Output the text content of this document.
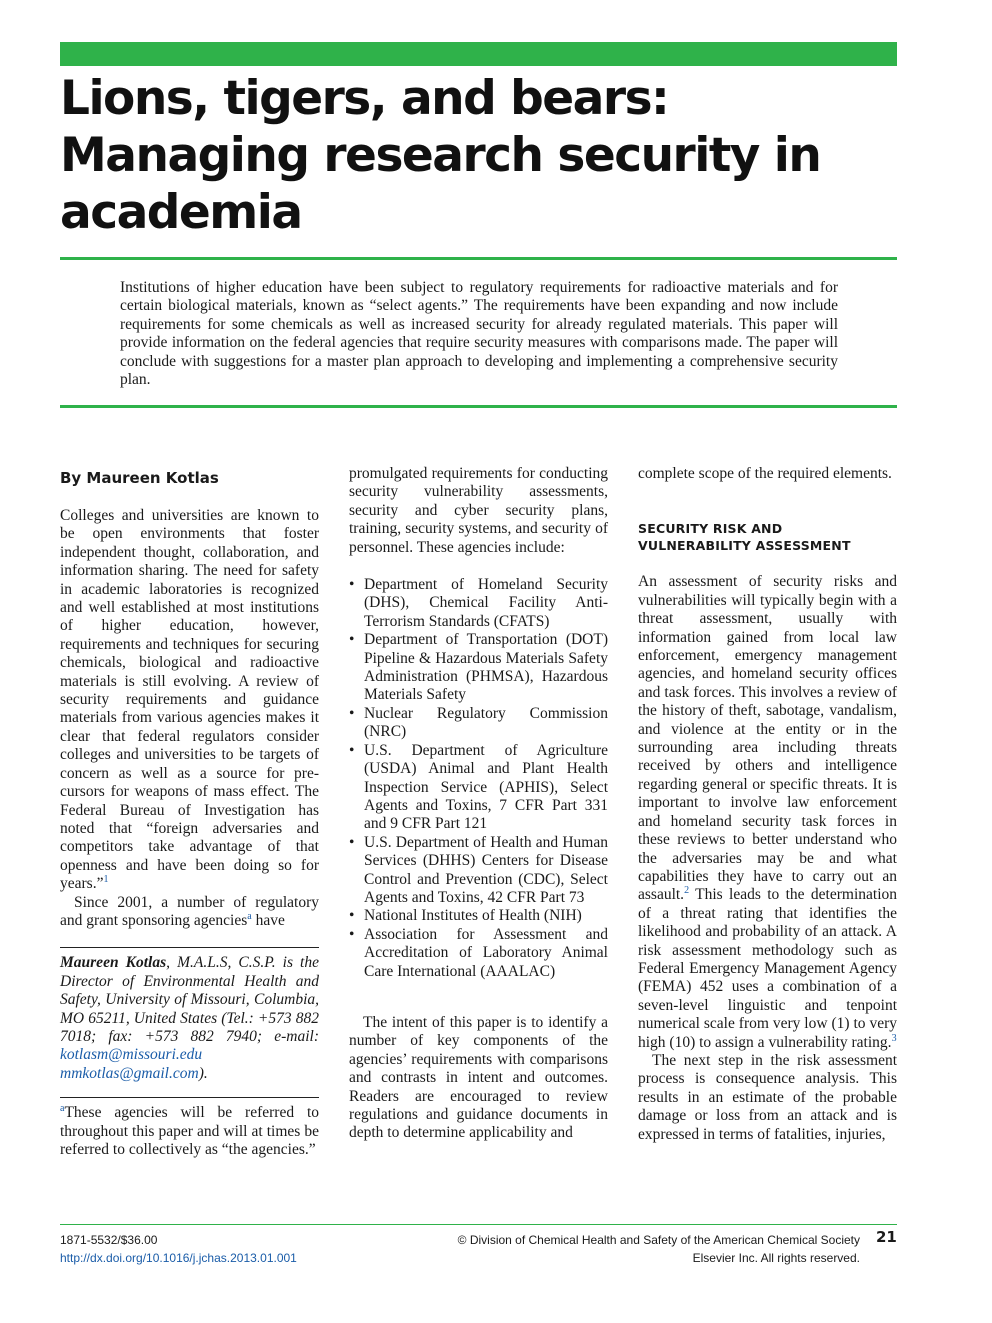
Lions, tigers, and bears: Managing research security in academia

Institutions of higher education have been subject to regulatory requirements for radioactive materials and for certain biological materials, known as “select agents.” The requirements have been expanding and now include requirements for some chemicals as well as increased security for already regulated materials. This paper will provide information on the federal agencies that require security measures with comparisons made. The paper will conclude with suggestions for a master plan approach to developing and implementing a comprehensive security plan.

By Maureen Kotlas

Colleges and universities are known to be open environments that foster independent thought, collaboration, and information sharing. The need for safety in academic laboratories is recognized and well established at most institutions of higher education, however, requirements and techniques for securing chemicals, biological and radioactive materials is still evolving. A review of security requirements and guidance materials from various agencies makes it clear that federal regulators consider colleges and universities to be targets of concern as well as a source for pre-cursors for weapons of mass effect. The Federal Bureau of Investigation has noted that “foreign adversaries and competitors take advantage of that openness and have been doing so for years.”$^1$

Since 2001, a number of regulatory and grant sponsoring agencies$^a$ have

Maureen Kotlas, M.A.L.S, C.S.P. is the Director of Environmental Health and Safety, University of Missouri, Columbia, MO 65211, United States (Tel.: +573 882 7018; fax: +573 882 7940; e-mail: kotlasm@missouri.edu mmkotlas@gmail.com).

$^a$These agencies will be referred to throughout this paper and will at times be referred to collectively as “the agencies.”

promulgated requirements for conducting security vulnerability assessments, security and cyber security plans, training, security systems, and security of personnel. These agencies include:

• Department of Homeland Security (DHS), Chemical Facility Anti-Terrorism Standards (CFATS)
• Department of Transportation (DOT) Pipeline & Hazardous Materials Safety Administration (PHMSA), Hazardous Materials Safety
• Nuclear Regulatory Commission (NRC)
• U.S. Department of Agriculture (USDA) Animal and Plant Health Inspection Service (APHIS), Select Agents and Toxins, 7 CFR Part 331 and 9 CFR Part 121
• U.S. Department of Health and Human Services (DHHS) Centers for Disease Control and Prevention (CDC), Select Agents and Toxins, 42 CFR Part 73
• National Institutes of Health (NIH)
• Association for Assessment and Accreditation of Laboratory Animal Care International (AAALAC)

The intent of this paper is to identify a number of key components of the agencies’ requirements with comparisons and contrasts in intent and outcomes. Readers are encouraged to review regulations and guidance documents in depth to determine applicability and

complete scope of the required elements.

SECURITY RISK AND
VULNERABILITY ASSESSMENT

An assessment of security risks and vulnerabilities will typically begin with a threat assessment, usually with information gained from local law enforcement, emergency management agencies, and homeland security offices and task forces. This involves a review of the history of theft, sabotage, vandalism, and violence at the entity or in the surrounding area including threats received by others and intelligence regarding general or specific threats. It is important to involve law enforcement and homeland security task forces in these reviews to better understand who the adversaries may be and what capabilities they have to carry out an assault.$^2$ This leads to the determination of a threat rating that identifies the likelihood and probability of an attack. A risk assessment methodology such as Federal Emergency Management Agency (FEMA) 452 uses a combination of a seven-level linguistic and tenpoint numerical scale from very low (1) to very high (10) to assign a vulnerability rating.$^3$

The next step in the risk assessment process is consequence analysis. This results in an estimate of the probable damage or loss from an attack and is expressed in terms of fatalities, injuries,

1871-5532/$36.00
http://dx.doi.org/10.1016/j.jchas.2013.01.001
© Division of Chemical Health and Safety of the American Chemical Society
Elsevier Inc. All rights reserved.
21
